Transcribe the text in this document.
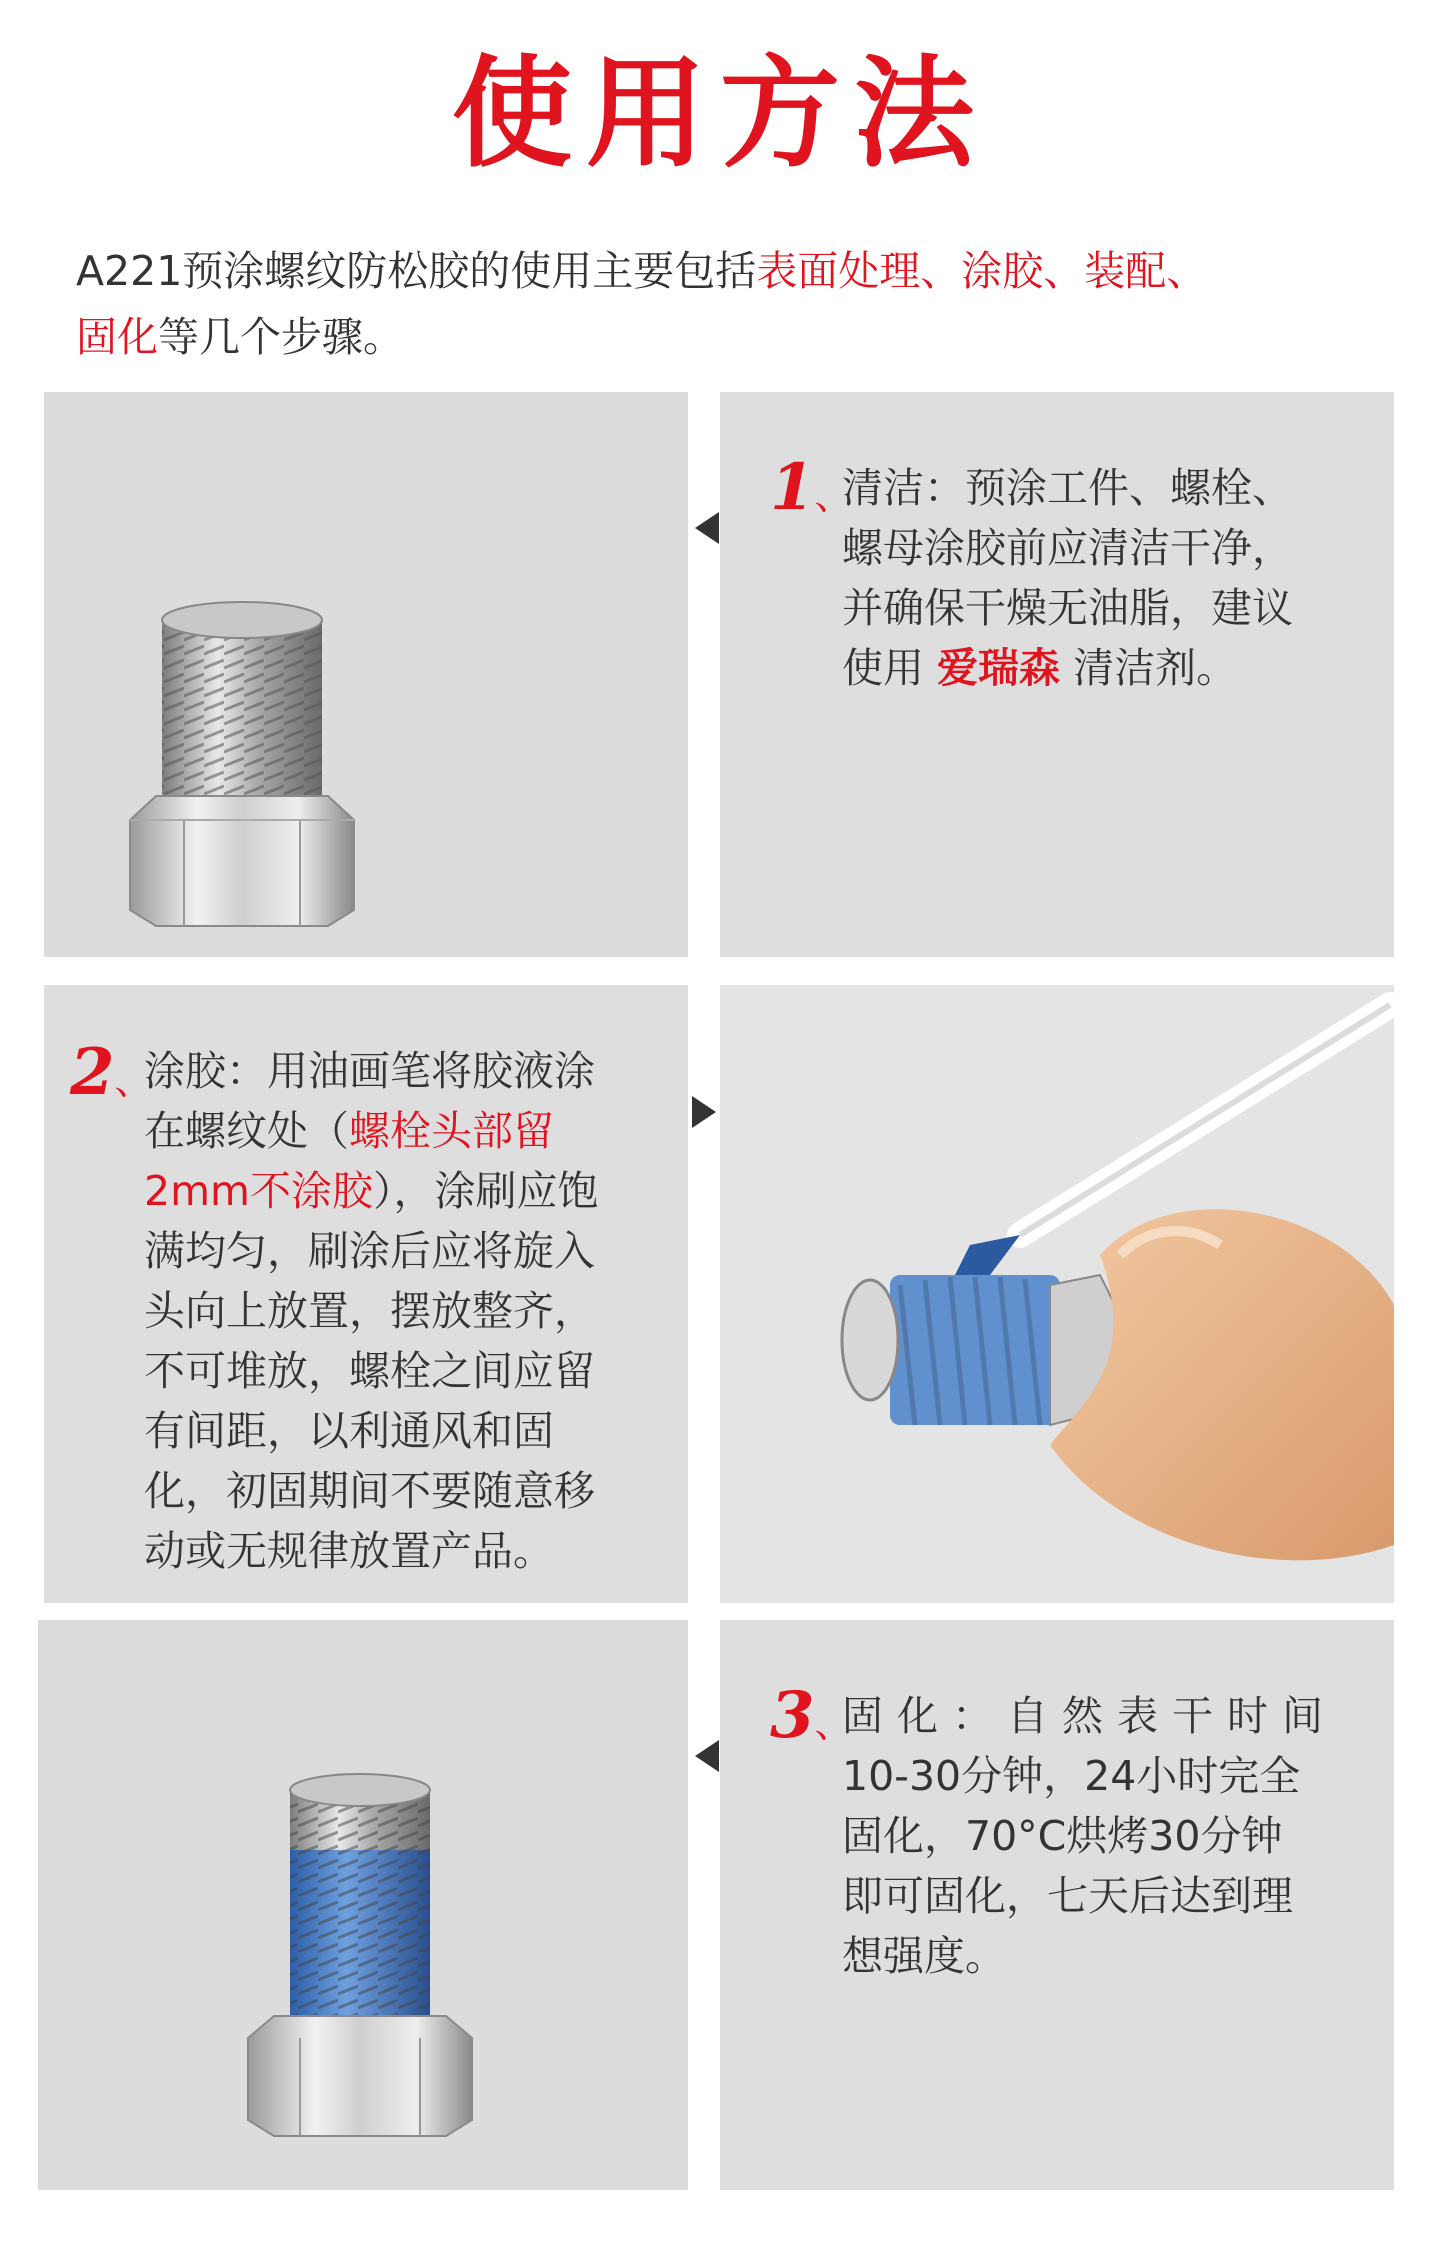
使用方法
A221预涂螺纹防松胶的使用主要包括表面处理、涂胶、装配、
固化等几个步骤。
1 、 清洁：预涂工件、螺栓、
螺母涂胶前应清洁干净，
并确保干燥无油脂，建议
使用 爱瑞森 清洁剂。
2 、 涂胶：用油画笔将胶液涂
在螺纹处（螺栓头部留
2mm不涂胶），涂刷应饱
满均匀，刷涂后应将旋入
头向上放置，摆放整齐，
不可堆放，螺栓之间应留
有间距，以利通风和固
化，初固期间不要随意移
动或无规律放置产品。
3 、 固化：自然表干时间
10-30分钟，24小时完全
固化，70°C烘烤30分钟
即可固化，七天后达到理
想强度。
